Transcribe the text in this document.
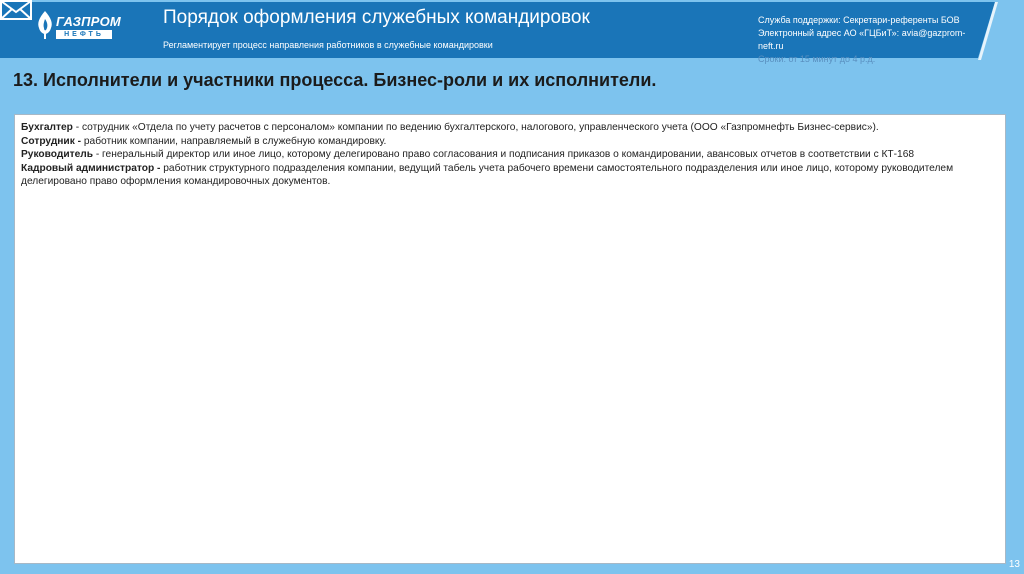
ГАЗПРОМ
НЕФТЬ
Порядок оформления служебных командировок
Регламентирует процесс направления работников в служебные командировки
Служба поддержки: Секретари-референты БОВ
Электронный адрес АО «ГЦБиТ»: avia@gazprom-neft.ru
Сроки: от 15 минут до 4 р.д.
13. Исполнители и участники процесса. Бизнес-роли и их исполнители.
Бухгалтер - сотрудник «Отдела по учету расчетов с персоналом» компании по ведению бухгалтерского, налогового, управленческого учета (ООО «Газпромнефть Бизнес-сервис»).
Сотрудник - работник компании, направляемый в служебную командировку.
Руководитель - генеральный директор или иное лицо, которому делегировано право согласования и подписания приказов о командировании, авансовых отчетов в соответствии с КТ-168
Кадровый администратор - работник структурного подразделения компании, ведущий табель учета рабочего времени самостоятельного подразделения или иное лицо, которому руководителем делегировано право оформления командировочных документов.
13
